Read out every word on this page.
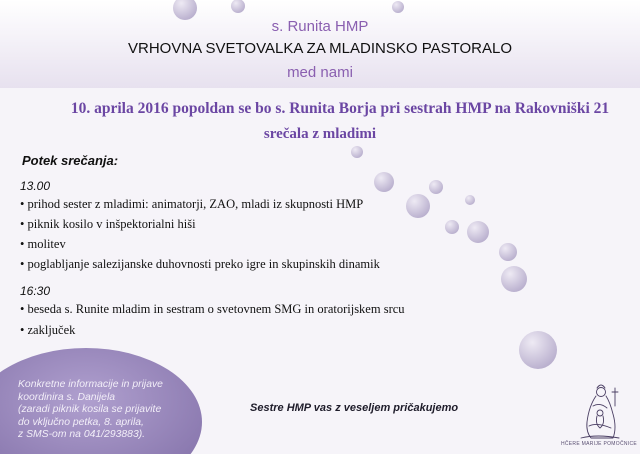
s. Runita HMP

VRHOVNA SVETOVALKA ZA MLADINSKO PASTORALO

med nami

10. aprila 2016 popoldan se bo s. Runita Borja pri sestrah HMP na Rakovniški 21

srečala z mladimi

Potek srečanja:

13.00

• prihod sester z mladimi: animatorji, ZAO, mladi iz skupnosti HMP

• piknik kosilo v inšpektorialni hiši

• molitev

• poglabljanje salezijanske duhovnosti preko igre in skupinskih dinamik

16:30

• beseda s. Runite mladim in sestram o svetovnem SMG in oratorijskem srcu

• zaključek

Konkretne informacije in prijave
koordinira s. Danijela
(zaradi piknik kosila se prijavite
do vključno petka, 8. aprila,
z SMS-om na 041/293883).

Sestre HMP vas z veseljem pričakujemo

HČERE MARIJE POMOČNICE
